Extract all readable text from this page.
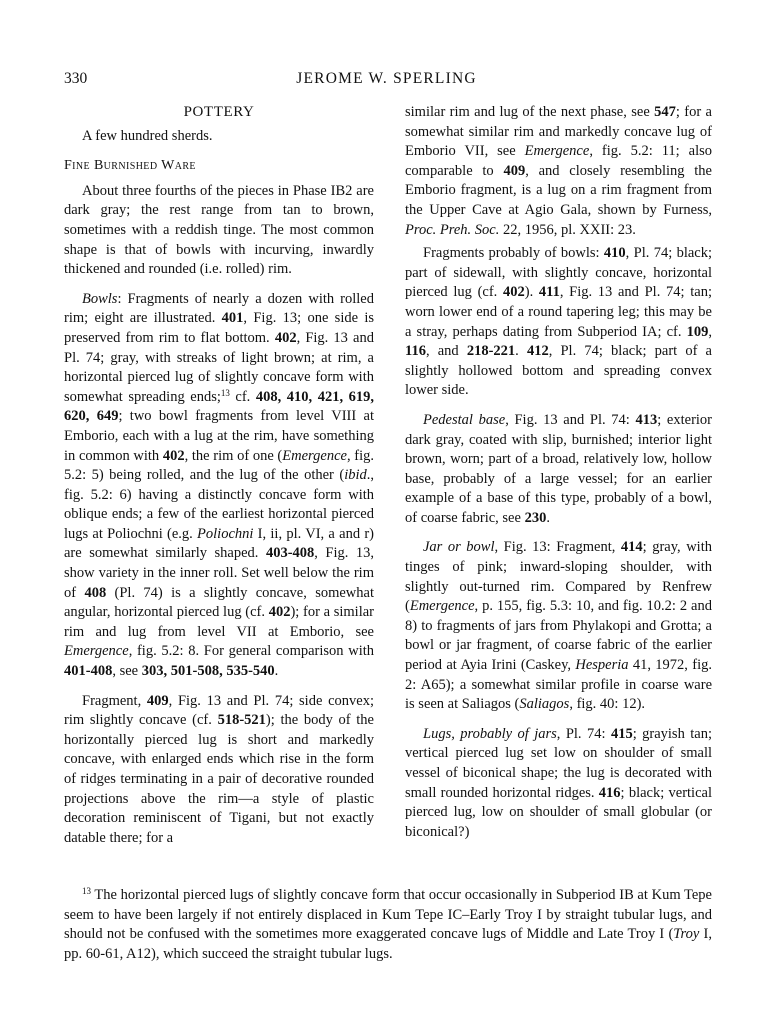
330	JEROME W. SPERLING
POTTERY

A few hundred sherds.

Fine Burnished Ware

About three fourths of the pieces in Phase IB2 are dark gray; the rest range from tan to brown, sometimes with a reddish tinge. The most common shape is that of bowls with incurving, inwardly thickened and rounded (i.e. rolled) rim.

Bowls: Fragments of nearly a dozen with rolled rim; eight are illustrated. 401, Fig. 13; one side is preserved from rim to flat bottom. 402, Fig. 13 and Pl. 74; gray, with streaks of light brown; at rim, a horizontal pierced lug of slightly concave form with somewhat spreading ends;$^{13}$ cf. 408, 410, 421, 619, 620, 649; two bowl fragments from level VIII at Emborio, each with a lug at the rim, have something in common with 402, the rim of one (Emergence, fig. 5.2: 5) being rolled, and the lug of the other (ibid., fig. 5.2: 6) having a distinctly concave form with oblique ends; a few of the earliest horizontal pierced lugs at Poliochni (e.g. Poliochni I, ii, pl. VI, a and r) are somewhat similarly shaped. 403-408, Fig. 13, show variety in the inner roll. Set well below the rim of 408 (Pl. 74) is a slightly concave, somewhat angular, horizontal pierced lug (cf. 402); for a similar rim and lug from level VII at Emborio, see Emergence, fig. 5.2: 8. For general comparison with 401-408, see 303, 501-508, 535-540.

Fragment, 409, Fig. 13 and Pl. 74; side convex; rim slightly concave (cf. 518-521); the body of the horizontally pierced lug is short and markedly concave, with enlarged ends which rise in the form of ridges terminating in a pair of decorative rounded projections above the rim—a style of plastic decoration reminiscent of Tigani, but not exactly datable there; for a

similar rim and lug of the next phase, see 547; for a somewhat similar rim and markedly concave lug of Emborio VII, see Emergence, fig. 5.2: 11; also comparable to 409, and closely resembling the Emborio fragment, is a lug on a rim fragment from the Upper Cave at Agio Gala, shown by Furness, Proc. Preh. Soc. 22, 1956, pl. XXII: 23.

Fragments probably of bowls: 410, Pl. 74; black; part of sidewall, with slightly concave, horizontal pierced lug (cf. 402). 411, Fig. 13 and Pl. 74; tan; worn lower end of a round tapering leg; this may be a stray, perhaps dating from Subperiod IA; cf. 109, 116, and 218-221. 412, Pl. 74; black; part of a slightly hollowed bottom and spreading convex lower side.

Pedestal base, Fig. 13 and Pl. 74: 413; exterior dark gray, coated with slip, burnished; interior light brown, worn; part of a broad, relatively low, hollow base, probably of a large vessel; for an earlier example of a base of this type, probably of a bowl, of coarse fabric, see 230.

Jar or bowl, Fig. 13: Fragment, 414; gray, with tinges of pink; inward-sloping shoulder, with slightly out-turned rim. Compared by Renfrew (Emergence, p. 155, fig. 5.3: 10, and fig. 10.2: 2 and 8) to fragments of jars from Phylakopi and Grotta; a bowl or jar fragment, of coarse fabric of the earlier period at Ayia Irini (Caskey, Hesperia 41, 1972, fig. 2: A65); a somewhat similar profile in coarse ware is seen at Saliagos (Saliagos, fig. 40: 12).

Lugs, probably of jars, Pl. 74: 415; grayish tan; vertical pierced lug set low on shoulder of small vessel of biconical shape; the lug is decorated with small rounded horizontal ridges. 416; black; vertical pierced lug, low on shoulder of small globular (or biconical?)

$^{13}$ The horizontal pierced lugs of slightly concave form that occur occasionally in Subperiod IB at Kum Tepe seem to have been largely if not entirely displaced in Kum Tepe IC–Early Troy I by straight tubular lugs, and should not be confused with the sometimes more exaggerated concave lugs of Middle and Late Troy I (Troy I, pp. 60-61, A12), which succeed the straight tubular lugs.
